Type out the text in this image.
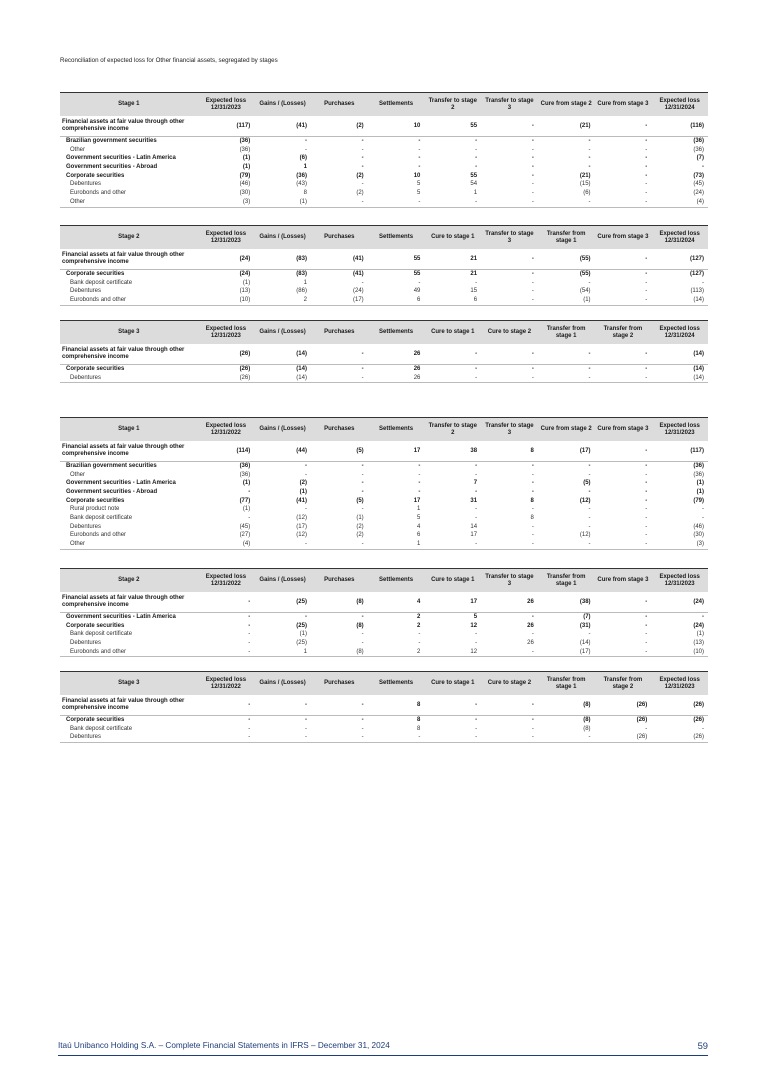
Reconciliation of expected loss for Other financial assets, segregated by stages
Stage 1	Expected loss 12/31/2023	Gains / (Losses)	Purchases	Settlements	Transfer to stage 2	Transfer to stage 3	Cure from stage 2	Cure from stage 3	Expected loss 12/31/2024
Financial assets at fair value through other comprehensive income	(117)	(41)	(2)	10	55	-	(21)	-	(116)
Brazilian government securities	(36)	-	-	-	-	-	-	-	(36)
Other	(36)	-	-	-	-	-	-	-	(36)
Government securities - Latin America	(1)	(6)	-	-	-	-	-	-	(7)
Government securities - Abroad	(1)	1	-	-	-	-	-	-	-
Corporate securities	(79)	(36)	(2)	10	55	-	(21)	-	(73)
Debentures	(46)	(43)	-	5	54	-	(15)	-	(45)
Eurobonds and other	(30)	8	(2)	5	1	-	(6)	-	(24)
Other	(3)	(1)	-	-	-	-	-	-	(4)
Stage 2	Expected loss 12/31/2023	Gains / (Losses)	Purchases	Settlements	Cure to stage 1	Transfer to stage 3	Transfer from stage 1	Cure from stage 3	Expected loss 12/31/2024
Financial assets at fair value through other comprehensive income	(24)	(83)	(41)	55	21	-	(55)	-	(127)
Corporate securities	(24)	(83)	(41)	55	21	-	(55)	-	(127)
Bank deposit certificate	(1)	1	-	-	-	-	-	-	-
Debentures	(13)	(86)	(24)	49	15	-	(54)	-	(113)
Eurobonds and other	(10)	2	(17)	6	6	-	(1)	-	(14)
Stage 3	Expected loss 12/31/2023	Gains / (Losses)	Purchases	Settlements	Cure to stage 1	Cure to stage 2	Transfer from stage 1	Transfer from stage 2	Expected loss 12/31/2024
Financial assets at fair value through other comprehensive income	(26)	(14)	-	26	-	-	-	-	(14)
Corporate securities	(26)	(14)	-	26	-	-	-	-	(14)
Debentures	(26)	(14)	-	26	-	-	-	-	(14)
Stage 1	Expected loss 12/31/2022	Gains / (Losses)	Purchases	Settlements	Transfer to stage 2	Transfer to stage 3	Cure from stage 2	Cure from stage 3	Expected loss 12/31/2023
Financial assets at fair value through other comprehensive income	(114)	(44)	(5)	17	38	8	(17)	-	(117)
Brazilian government securities	(36)	-	-	-	-	-	-	-	(36)
Other	(36)	-	-	-	-	-	-	-	(36)
Government securities - Latin America	(1)	(2)	-	-	7	-	(5)	-	(1)
Government securities - Abroad	-	(1)	-	-	-	-	-	-	(1)
Corporate securities	(77)	(41)	(5)	17	31	8	(12)	-	(79)
Rural product note	(1)	-	-	1	-	-	-	-	-
Bank deposit certificate	-	(12)	(1)	5	-	8	-	-	-
Debentures	(45)	(17)	(2)	4	14	-	-	-	(46)
Eurobonds and other	(27)	(12)	(2)	6	17	-	(12)	-	(30)
Other	(4)	-	-	1	-	-	-	-	(3)
Stage 2	Expected loss 12/31/2022	Gains / (Losses)	Purchases	Settlements	Cure to stage 1	Transfer to stage 3	Transfer from stage 1	Cure from stage 3	Expected loss 12/31/2023
Financial assets at fair value through other comprehensive income	-	(25)	(8)	4	17	26	(38)	-	(24)
Government securities - Latin America	-	-	-	2	5	-	(7)	-	-
Corporate securities	-	(25)	(8)	2	12	26	(31)	-	(24)
Bank deposit certificate	-	(1)	-	-	-	-	-	-	(1)
Debentures	-	(25)	-	-	-	26	(14)	-	(13)
Eurobonds and other	-	1	(8)	2	12	-	(17)	-	(10)
Stage 3	Expected loss 12/31/2022	Gains / (Losses)	Purchases	Settlements	Cure to stage 1	Cure to stage 2	Transfer from stage 1	Transfer from stage 2	Expected loss 12/31/2023
Financial assets at fair value through other comprehensive income	-	-	-	8	-	-	(8)	(26)	(26)
Corporate securities	-	-	-	8	-	-	(8)	(26)	(26)
Bank deposit certificate	-	-	-	8	-	-	(8)	-	-
Debentures	-	-	-	-	-	-	-	(26)	(26)
Itaú Unibanco Holding S.A. – Complete Financial Statements in IFRS – December 31, 2024	59
